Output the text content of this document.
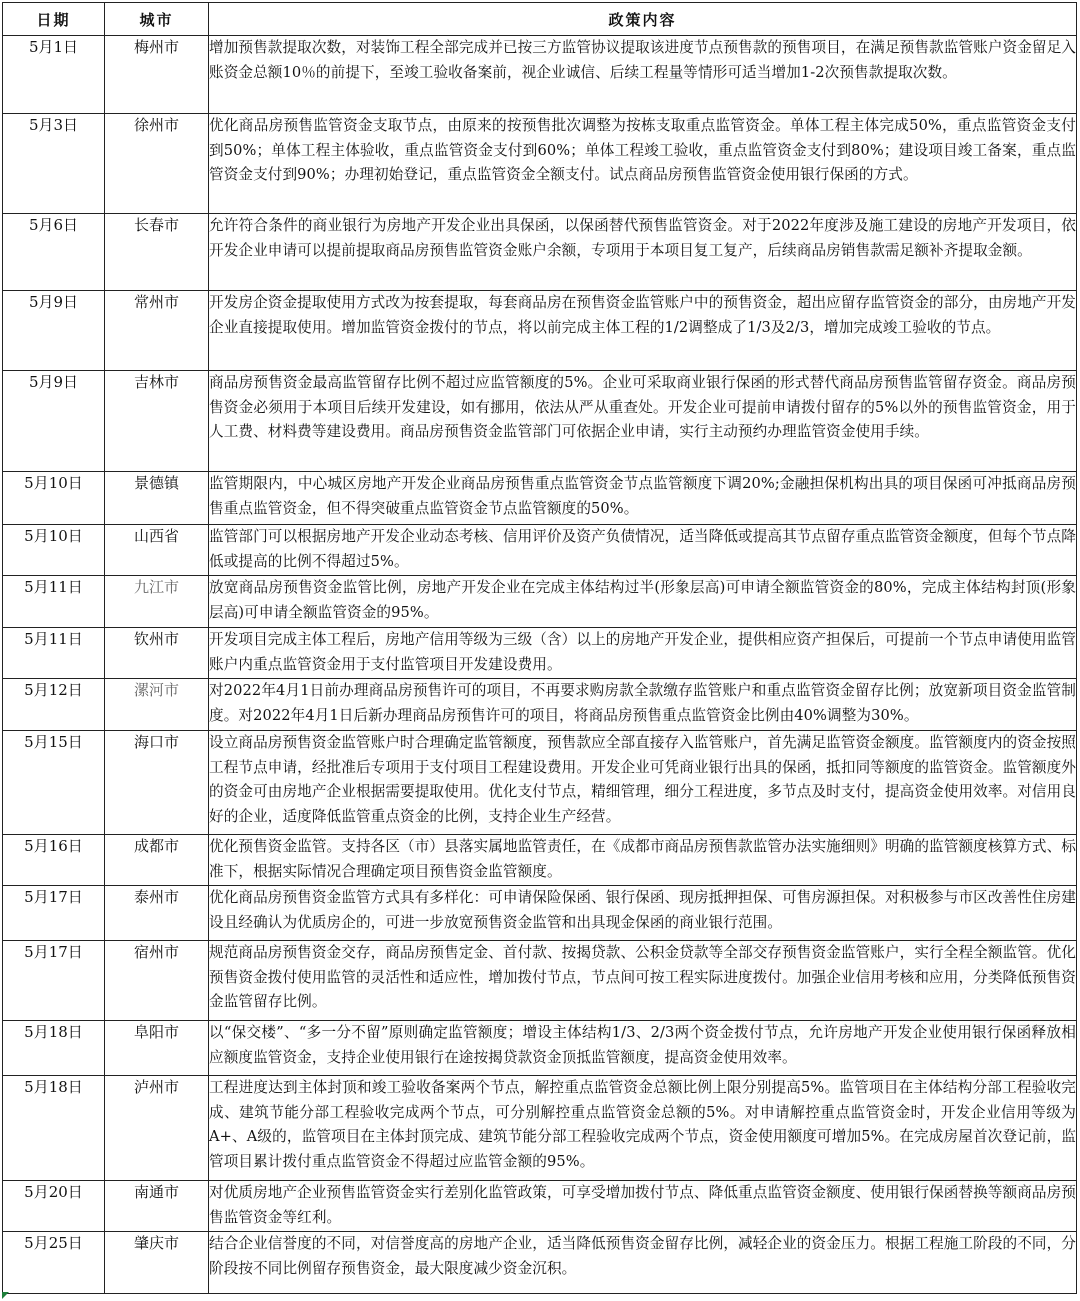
日期	城市	政策内容
5月1日	梅州市	增加预售款提取次数，对装饰工程全部完成并已按三方监管协议提取该进度节点预售款的预售项目，在满足预售款监管账户资金留足入账资金总额10％的前提下，至竣工验收备案前，视企业诚信、后续工程量等情形可适当增加1-2次预售款提取次数。
5月3日	徐州市	优化商品房预售监管资金支取节点，由原来的按预售批次调整为按栋支取重点监管资金。单体工程主体完成50%，重点监管资金支付到50%；单体工程主体验收，重点监管资金支付到60%；单体工程竣工验收，重点监管资金支付到80%；建设项目竣工备案，重点监管资金支付到90%；办理初始登记，重点监管资金全额支付。试点商品房预售监管资金使用银行保函的方式。
5月6日	长春市	允许符合条件的商业银行为房地产开发企业出具保函，以保函替代预售监管资金。对于2022年度涉及施工建设的房地产开发项目，依开发企业申请可以提前提取商品房预售监管资金账户余额，专项用于本项目复工复产，后续商品房销售款需足额补齐提取金额。
5月9日	常州市	开发房企资金提取使用方式改为按套提取，每套商品房在预售资金监管账户中的预售资金，超出应留存监管资金的部分，由房地产开发企业直接提取使用。增加监管资金拨付的节点，将以前完成主体工程的1/2调整成了1/3及2/3，增加完成竣工验收的节点。
5月9日	吉林市	商品房预售资金最高监管留存比例不超过应监管额度的5%。企业可采取商业银行保函的形式替代商品房预售监管留存资金。商品房预售资金必须用于本项目后续开发建设，如有挪用，依法从严从重查处。开发企业可提前申请拨付留存的5%以外的预售监管资金，用于人工费、材料费等建设费用。商品房预售资金监管部门可依据企业申请，实行主动预约办理监管资金使用手续。
5月10日	景德镇	监管期限内，中心城区房地产开发企业商品房预售重点监管资金节点监管额度下调20%;金融担保机构出具的项目保函可冲抵商品房预售重点监管资金，但不得突破重点监管资金节点监管额度的50%。
5月10日	山西省	监管部门可以根据房地产开发企业动态考核、信用评价及资产负债情况，适当降低或提高其节点留存重点监管资金额度，但每个节点降低或提高的比例不得超过5%。
5月11日	九江市	放宽商品房预售资金监管比例，房地产开发企业在完成主体结构过半(形象层高)可申请全额监管资金的80%，完成主体结构封顶(形象层高)可申请全额监管资金的95%。
5月11日	钦州市	开发项目完成主体工程后，房地产信用等级为三级（含）以上的房地产开发企业，提供相应资产担保后，可提前一个节点申请使用监管账户内重点监管资金用于支付监管项目开发建设费用。
5月12日	漯河市	对2022年4月1日前办理商品房预售许可的项目，不再要求购房款全款缴存监管账户和重点监管资金留存比例；放宽新项目资金监管制度。对2022年4月1日后新办理商品房预售许可的项目，将商品房预售重点监管资金比例由40%调整为30%。
5月15日	海口市	设立商品房预售资金监管账户时合理确定监管额度，预售款应全部直接存入监管账户，首先满足监管资金额度。监管额度内的资金按照工程节点申请，经批准后专项用于支付项目工程建设费用。开发企业可凭商业银行出具的保函，抵扣同等额度的监管资金。监管额度外的资金可由房地产企业根据需要提取使用。优化支付节点，精细管理，细分工程进度，多节点及时支付，提高资金使用效率。对信用良好的企业，适度降低监管重点资金的比例，支持企业生产经营。
5月16日	成都市	优化预售资金监管。支持各区（市）县落实属地监管责任，在《成都市商品房预售款监管办法实施细则》明确的监管额度核算方式、标准下，根据实际情况合理确定项目预售资金监管额度。
5月17日	泰州市	优化商品房预售资金监管方式具有多样化：可申请保险保函、银行保函、现房抵押担保、可售房源担保。对积极参与市区改善性住房建设且经确认为优质房企的，可进一步放宽预售资金监管和出具现金保函的商业银行范围。
5月17日	宿州市	规范商品房预售资金交存，商品房预售定金、首付款、按揭贷款、公积金贷款等全部交存预售资金监管账户，实行全程全额监管。优化预售资金拨付使用监管的灵活性和适应性，增加拨付节点，节点间可按工程实际进度拨付。加强企业信用考核和应用，分类降低预售资金监管留存比例。
5月18日	阜阳市	以“保交楼”、“多一分不留”原则确定监管额度；增设主体结构1/3、2/3两个资金拨付节点，允许房地产开发企业使用银行保函释放相应额度监管资金，支持企业使用银行在途按揭贷款资金顶抵监管额度，提高资金使用效率。
5月18日	泸州市	工程进度达到主体封顶和竣工验收备案两个节点，解控重点监管资金总额比例上限分别提高5%。监管项目在主体结构分部工程验收完成、建筑节能分部工程验收完成两个节点，可分别解控重点监管资金总额的5%。对申请解控重点监管资金时，开发企业信用等级为A+、A级的，监管项目在主体封顶完成、建筑节能分部工程验收完成两个节点，资金使用额度可增加5%。在完成房屋首次登记前，监管项目累计拨付重点监管资金不得超过应监管金额的95%。
5月20日	南通市	对优质房地产企业预售监管资金实行差别化监管政策，可享受增加拨付节点、降低重点监管资金额度、使用银行保函替换等额商品房预售监管资金等红利。
5月25日	肇庆市	结合企业信誉度的不同，对信誉度高的房地产企业，适当降低预售资金留存比例，减轻企业的资金压力。根据工程施工阶段的不同，分阶段按不同比例留存预售资金，最大限度减少资金沉积。
